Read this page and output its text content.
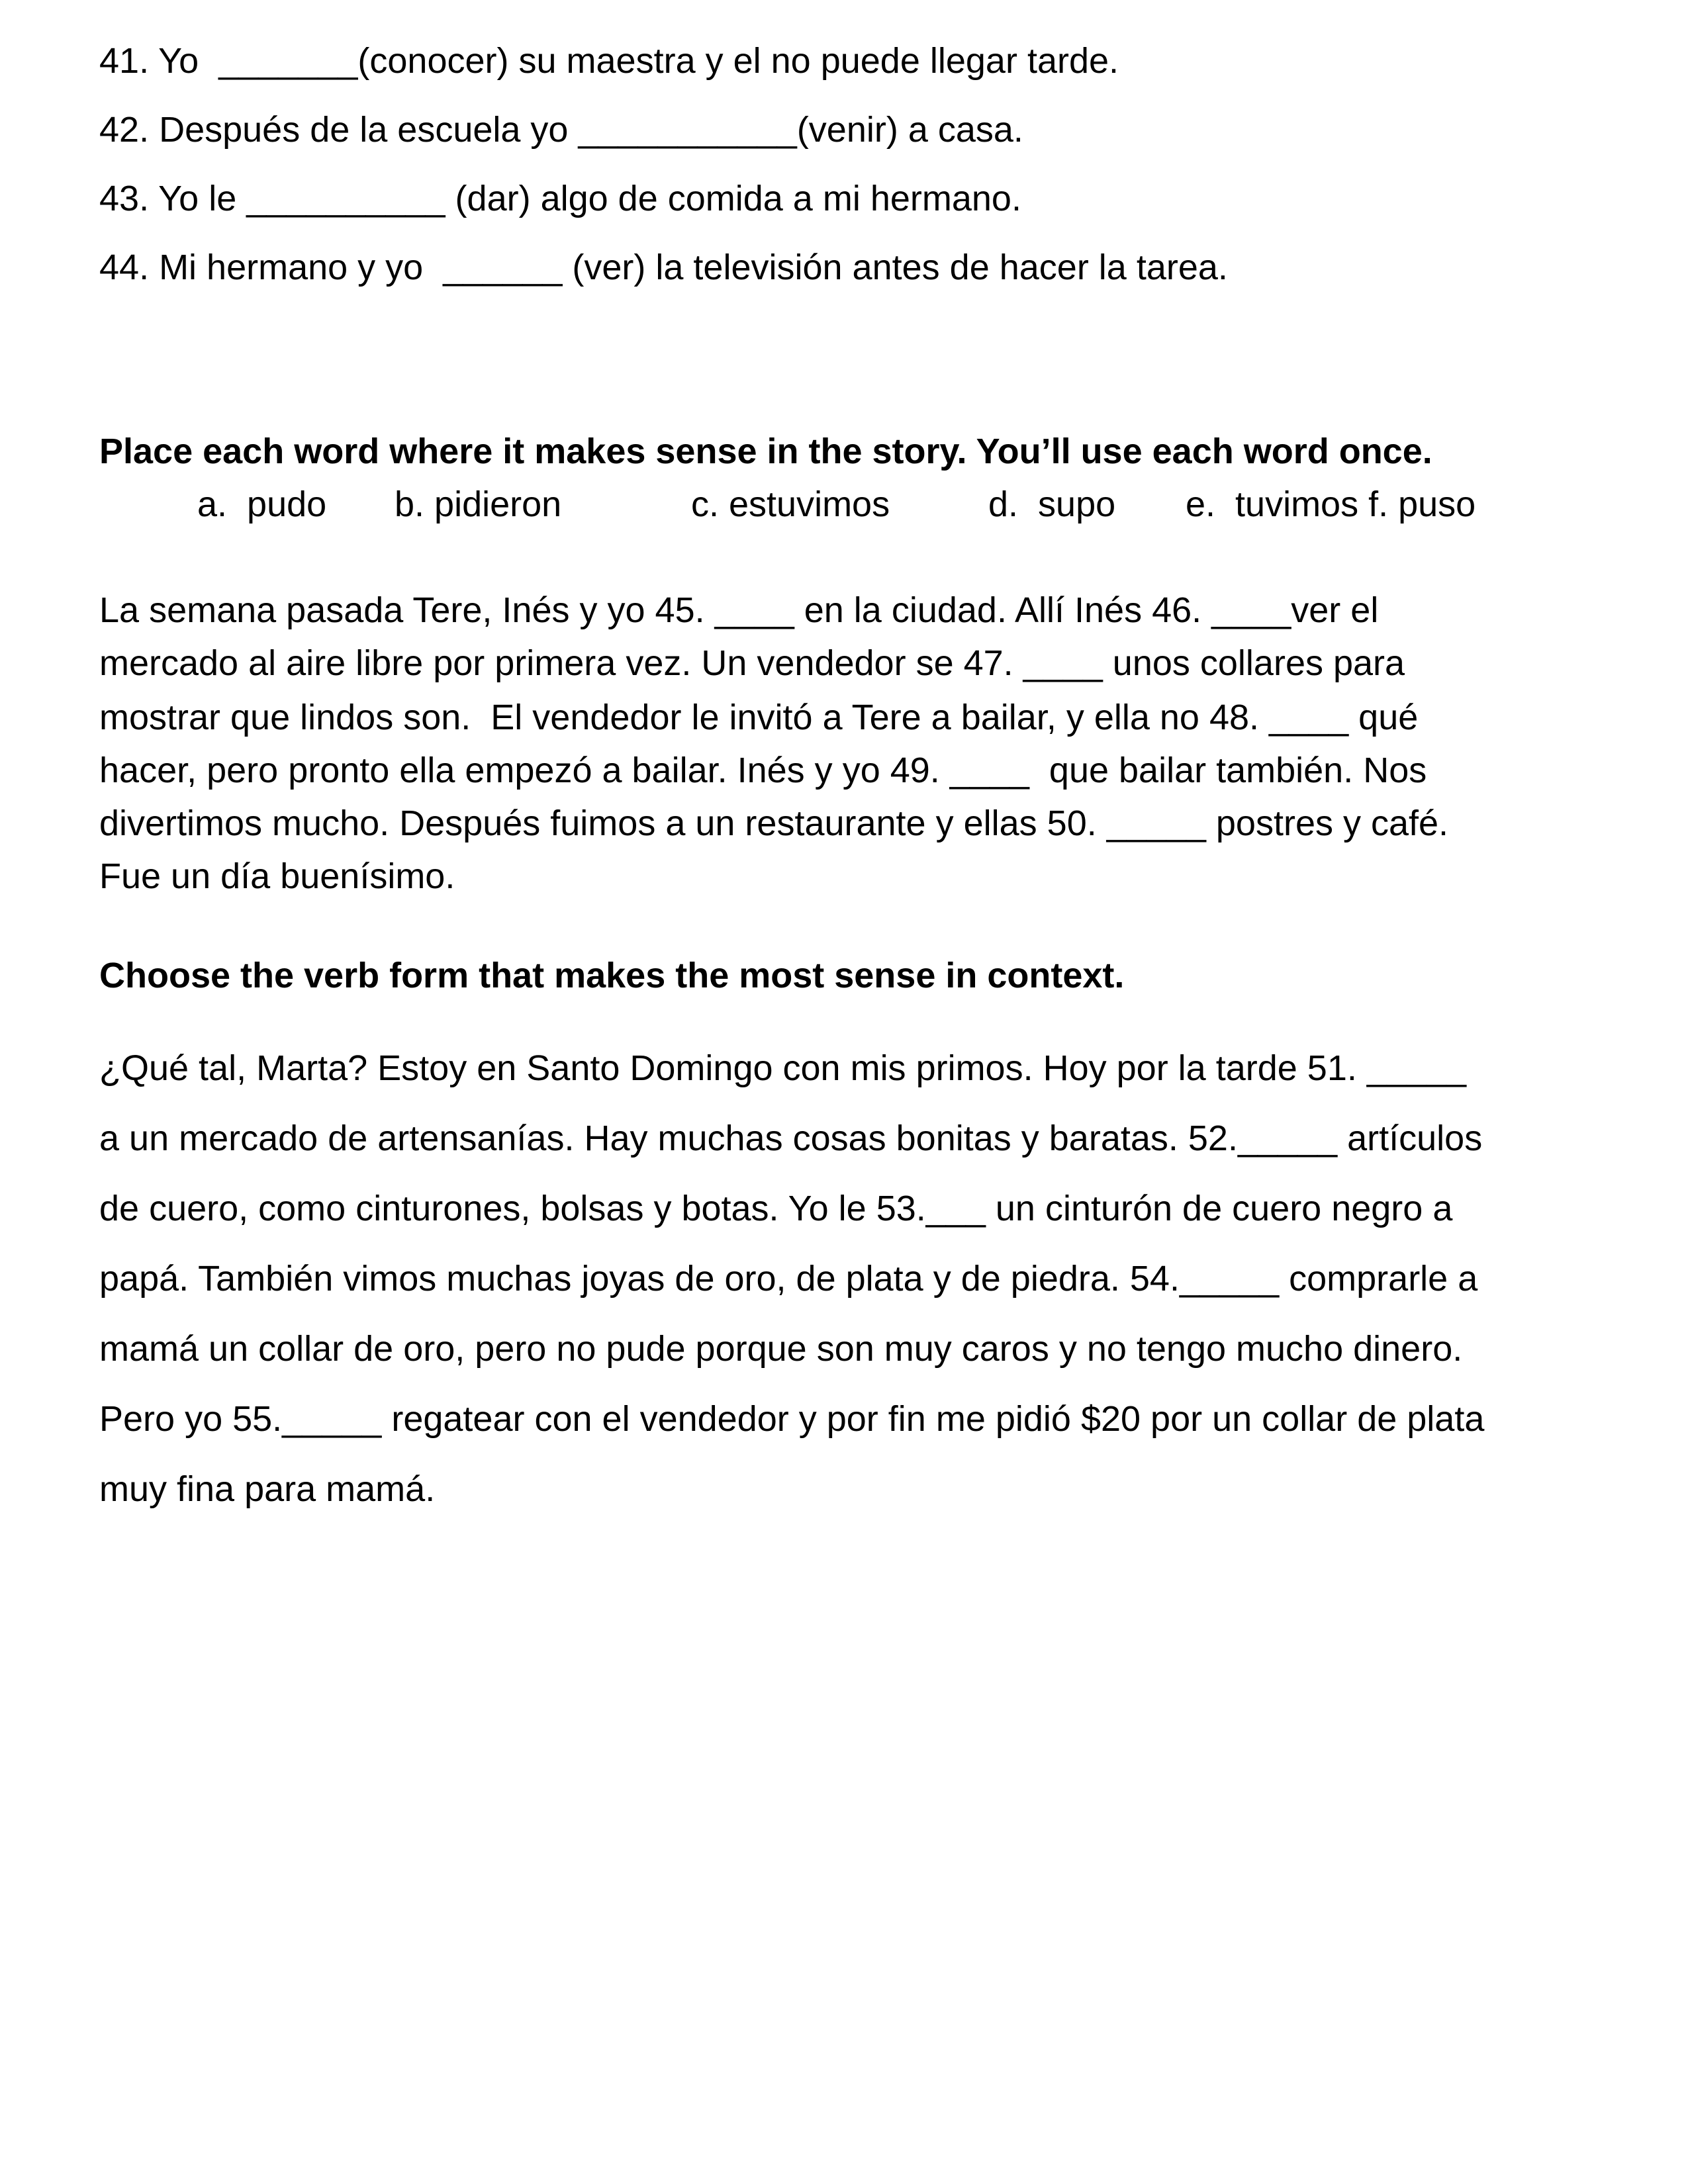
41. Yo  _______(conocer) su maestra y el no puede llegar tarde.

42. Después de la escuela yo ___________(venir) a casa.

43. Yo le __________ (dar) algo de comida a mi hermano.

44. Mi hermano y yo  ______ (ver) la televisión antes de hacer la tarea.

Place each word where it makes sense in the story. You’ll use each word once.

a.  pudo b. pidieron	c. estuvimos	d.  supo e.  tuvimos f. puso

La semana pasada Tere, Inés y yo 45. ____ en la ciudad. Allí Inés 46. ____ver el

mercado al aire libre por primera vez. Un vendedor se 47. ____ unos collares para

mostrar que lindos son.  El vendedor le invitó a Tere a bailar, y ella no 48. ____ qué

hacer, pero pronto ella empezó a bailar. Inés y yo 49. ____  que bailar también. Nos

divertimos mucho. Después fuimos a un restaurante y ellas 50. _____ postres y café.

Fue un día buenísimo.

Choose the verb form that makes the most sense in context.

¿Qué tal, Marta? Estoy en Santo Domingo con mis primos. Hoy por la tarde 51. _____

a un mercado de artensanías. Hay muchas cosas bonitas y baratas. 52._____ artículos

de cuero, como cinturones, bolsas y botas. Yo le 53.___ un cinturón de cuero negro a

papá. También vimos muchas joyas de oro, de plata y de piedra. 54._____ comprarle a

mamá un collar de oro, pero no pude porque son muy caros y no tengo mucho dinero.

Pero yo 55._____ regatear con el vendedor y por fin me pidió $20 por un collar de plata

muy fina para mamá.
